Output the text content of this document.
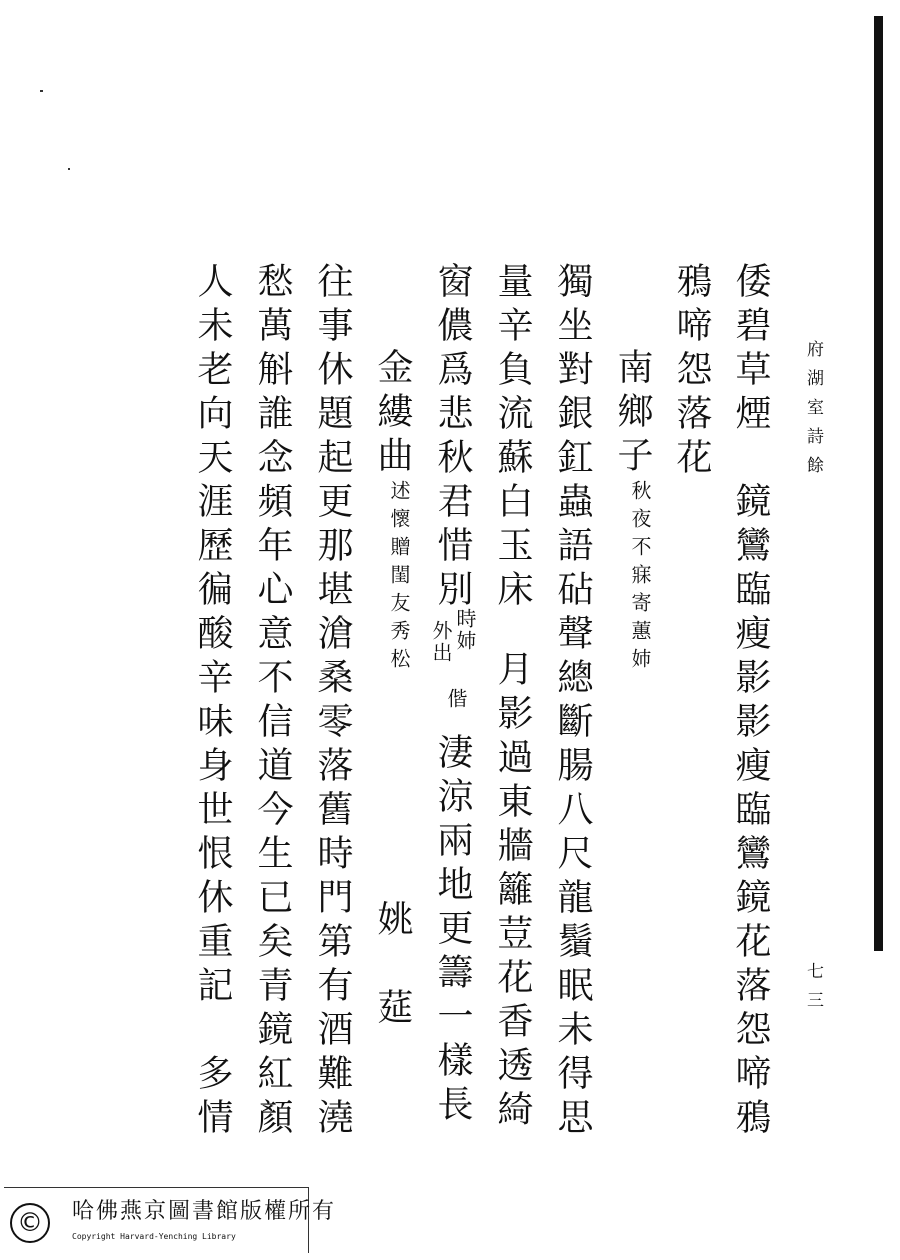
府湖室詩餘
七三
倭碧草煙　鏡鸞臨瘦影影瘦臨鸞鏡花落怨啼鴉
鴉啼怨落花
南鄉子
秋夜不寐寄蕙姉
獨坐對銀釭蟲語砧聲總斷腸八尺龍鬚眠未得思
量辛負流蘇白玉床
月影過東牆籬荳花香透綺
窗儂爲悲秋君惜別
時姉
外出
偕
淒涼兩地更籌一樣長
金縷曲
述懷贈閨友秀松
姚　莚
往事休題起更那堪滄桑零落舊時門第有酒難澆
愁萬斛誰念頻年心意不信道今生已矣青鏡紅顏
人未老向天涯歷徧酸辛味身世恨休重記　多情
©	哈佛燕京圖書館版權所有
Copyright Harvard-Yenching Library
